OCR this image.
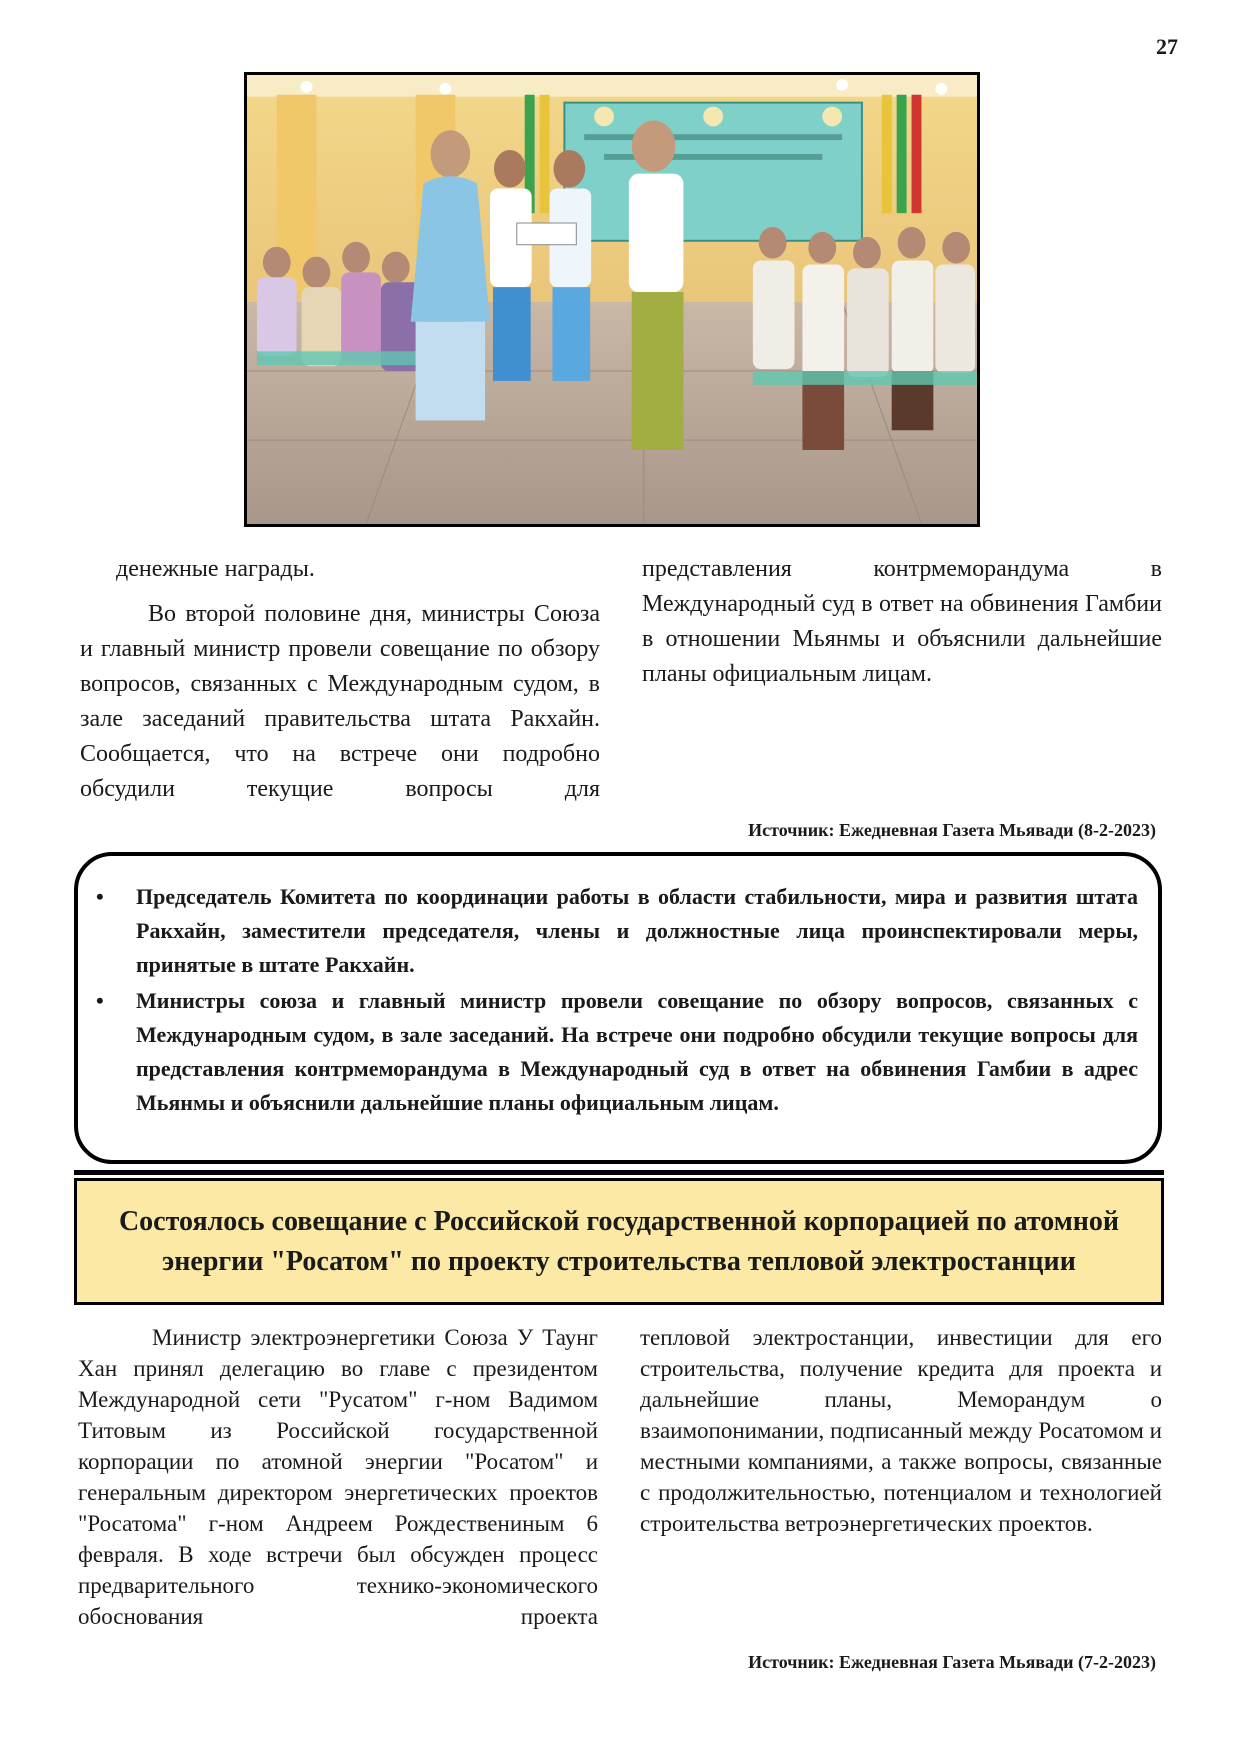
27

денежные награды.

Во второй половине дня, министры Союза и главный министр провели совещание по обзору вопросов, связанных с Международным судом, в зале заседаний правительства штата Ракхайн. Сообщается, что на встрече они подробно обсудили текущие вопросы для

представления контрмеморандума в Международный суд в ответ на обвинения Гамбии в отношении Мьянмы и объяснили дальнейшие планы официальным лицам.

Источник: Ежедневная Газета Мьявади (8-2-2023)
• Председатель Комитета по координации работы в области стабильности, мира и развития штата Ракхайн, заместители председателя, члены и должностные лица проинспектировали меры, принятые в штате Ракхайн.
• Министры союза и главный министр провели совещание по обзору вопросов, связанных с Международным судом, в зале заседаний. На встрече они подробно обсудили текущие вопросы для представления контрмеморандума в Международный суд в ответ на обвинения Гамбии в адрес Мьянмы и объяснили дальнейшие планы официальным лицам.
Состоялось совещание с Российской государственной корпорацией по атомной энергии "Росатом" по проекту строительства тепловой электростанции

Министр электроэнергетики Союза У Таунг Хан принял делегацию во главе с президентом Международной сети "Русатом" г-ном Вадимом Титовым из Российской государственной корпорации по атомной энергии "Росатом" и генеральным директором энергетических проектов "Росатома" г-ном Андреем Рождествениным 6 февраля. В ходе встречи был обсужден процесс предварительного технико-экономического обоснования проекта

тепловой электростанции, инвестиции для его строительства, получение кредита для проекта и дальнейшие планы, Меморандум о взаимопонимании, подписанный между Росатомом и местными компаниями, а также вопросы, связанные с продолжительностью, потенциалом и технологией строительства ветроэнергетических проектов.

Источник: Ежедневная Газета Мьявади (7-2-2023)
